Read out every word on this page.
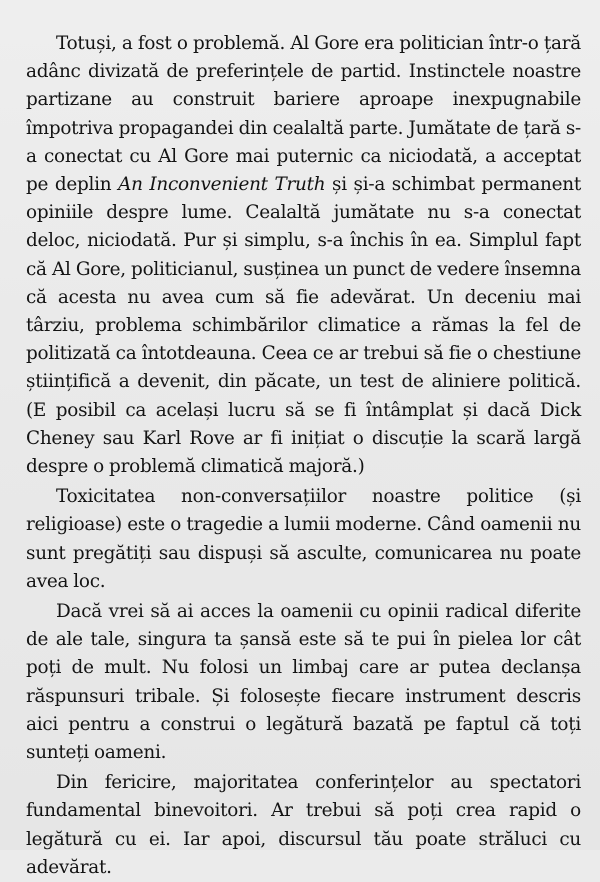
Totuși, a fost o problemă. Al Gore era politician într-o țară adânc divizată de preferințele de partid. Instinctele noastre partizane au construit bariere aproape inexpugnabile împotriva propagandei din cealaltă parte. Jumătate de țară s-a conectat cu Al Gore mai puternic ca niciodată, a acceptat pe deplin An Inconvenient Truth și și-a schimbat permanent opiniile despre lume. Cealaltă jumătate nu s-a conectat deloc, niciodată. Pur și simplu, s-a închis în ea. Simplul fapt că Al Gore, politicianul, susținea un punct de vedere însemna că acesta nu avea cum să fie adevărat. Un deceniu mai târziu, problema schimbărilor climatice a rămas la fel de politizată ca întotdeauna. Ceea ce ar trebui să fie o chestiune științifică a devenit, din păcate, un test de aliniere politică. (E posibil ca același lucru să se fi întâmplat și dacă Dick Cheney sau Karl Rove ar fi inițiat o discuție la scară largă despre o problemă climatică majoră.)

Toxicitatea non-conversațiilor noastre politice (și religioase) este o tragedie a lumii moderne. Când oamenii nu sunt pregătiți sau dispuși să asculte, comunicarea nu poate avea loc.

Dacă vrei să ai acces la oamenii cu opinii radical diferite de ale tale, singura ta șansă este să te pui în pielea lor cât poți de mult. Nu folosi un limbaj care ar putea declanșa răspunsuri tribale. Și folosește fiecare instrument descris aici pentru a construi o legătură bazată pe faptul că toți sunteți oameni.

Din fericire, majoritatea conferințelor au spectatori fundamental binevoitori. Ar trebui să poți crea rapid o legătură cu ei. Iar apoi, discursul tău poate străluci cu adevărat.
